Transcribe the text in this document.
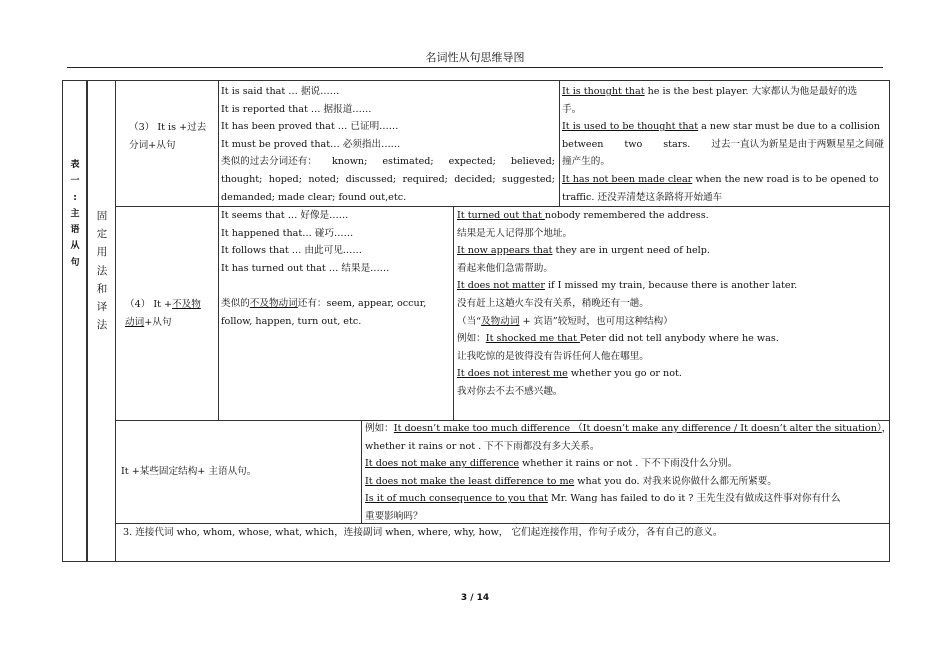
名词性从句思维导图
表
一
:
主
语
从
句
固
定
用
法
和
译
法
（3） It is +过去
分词+从句
It is said that … 据说……
It is reported that … 据报道……
It has been proved that … 已证明……
It must be proved that… 必须指出……
类似的过去分词还有： known; estimated; expected; believed;
thought; hoped; noted; discussed; required; decided; suggested;
demanded; made clear; found out,etc.
It is thought that he is the best player. 大家都认为他是最好的选
手。
It is used to be thought that a new star must be due to a collision
between two stars. 过去一直认为新星是由于两颗星星之间碰
撞产生的。
It has not been made clear when the new road is to be opened to
traffic. 还没弄清楚这条路将开始通车
（4） It +不及物
动词+从句
It seems that … 好像是……
It happened that… 碰巧……
It follows that … 由此可见……
It has turned out that … 结果是……

类似的不及物动词还有：seem, appear, occur,
follow, happen, turn out, etc.
It turned out that nobody remembered the address.
结果是无人记得那个地址。
It now appears that they are in urgent need of help.
看起来他们急需帮助。
It does not matter if I missed my train, because there is another later.
没有赶上这趟火车没有关系，稍晚还有一趟。
（当“及物动词 + 宾语”较短时，也可用这种结构）
例如：It shocked me that Peter did not tell anybody where he was.
让我吃惊的是彼得没有告诉任何人他在哪里。
It does not interest me whether you go or not.
我对你去不去不感兴趣。
It +某些固定结构+ 主语从句。
例如：It doesn’t make too much difference （It doesn’t make any difference / It doesn’t alter the situation），
whether it rains or not . 下不下雨都没有多大关系。
It does not make any difference whether it rains or not . 下不下雨没什么分别。
It does not make the least difference to me what you do. 对我来说你做什么都无所紧要。
Is it of much consequence to you that Mr. Wang has failed to do it ? 王先生没有做成这件事对你有什么
重要影响吗？
3. 连接代词 who, whom, whose, what, which，连接副词 when, where, why, how， 它们起连接作用，作句子成分，各有自己的意义。
3 / 14
